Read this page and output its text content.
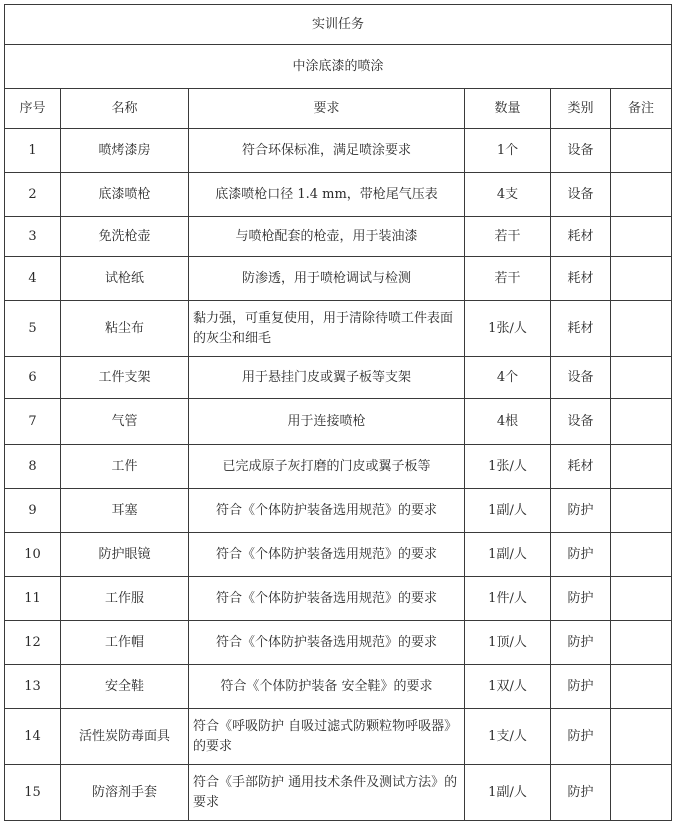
实训任务					
中涂底漆的喷涂					
序号	名称	要求	数量	类别	备注
1	喷烤漆房	符合环保标准，满足喷涂要求	1个	设备	
2	底漆喷枪	底漆喷枪口径 1.4 mm，带枪尾气压表	4支	设备	
3	免洗枪壶	与喷枪配套的枪壶，用于装油漆	若干	耗材	
4	试枪纸	防渗透，用于喷枪调试与检测	若干	耗材	
5	粘尘布	黏力强，可重复使用，用于清除待喷工件表面的灰尘和细毛	1张/人	耗材	
6	工件支架	用于悬挂门皮或翼子板等支架	4个	设备	
7	气管	用于连接喷枪	4根	设备	
8	工件	已完成原子灰打磨的门皮或翼子板等	1张/人	耗材	
9	耳塞	符合《个体防护装备选用规范》的要求	1副/人	防护	
10	防护眼镜	符合《个体防护装备选用规范》的要求	1副/人	防护	
11	工作服	符合《个体防护装备选用规范》的要求	1件/人	防护	
12	工作帽	符合《个体防护装备选用规范》的要求	1顶/人	防护	
13	安全鞋	符合《个体防护装备 安全鞋》的要求	1双/人	防护	
14	活性炭防毒面具	符合《呼吸防护 自吸过滤式防颗粒物呼吸器》的要求	1支/人	防护	
15	防溶剂手套	符合《手部防护 通用技术条件及测试方法》的要求	1副/人	防护	
